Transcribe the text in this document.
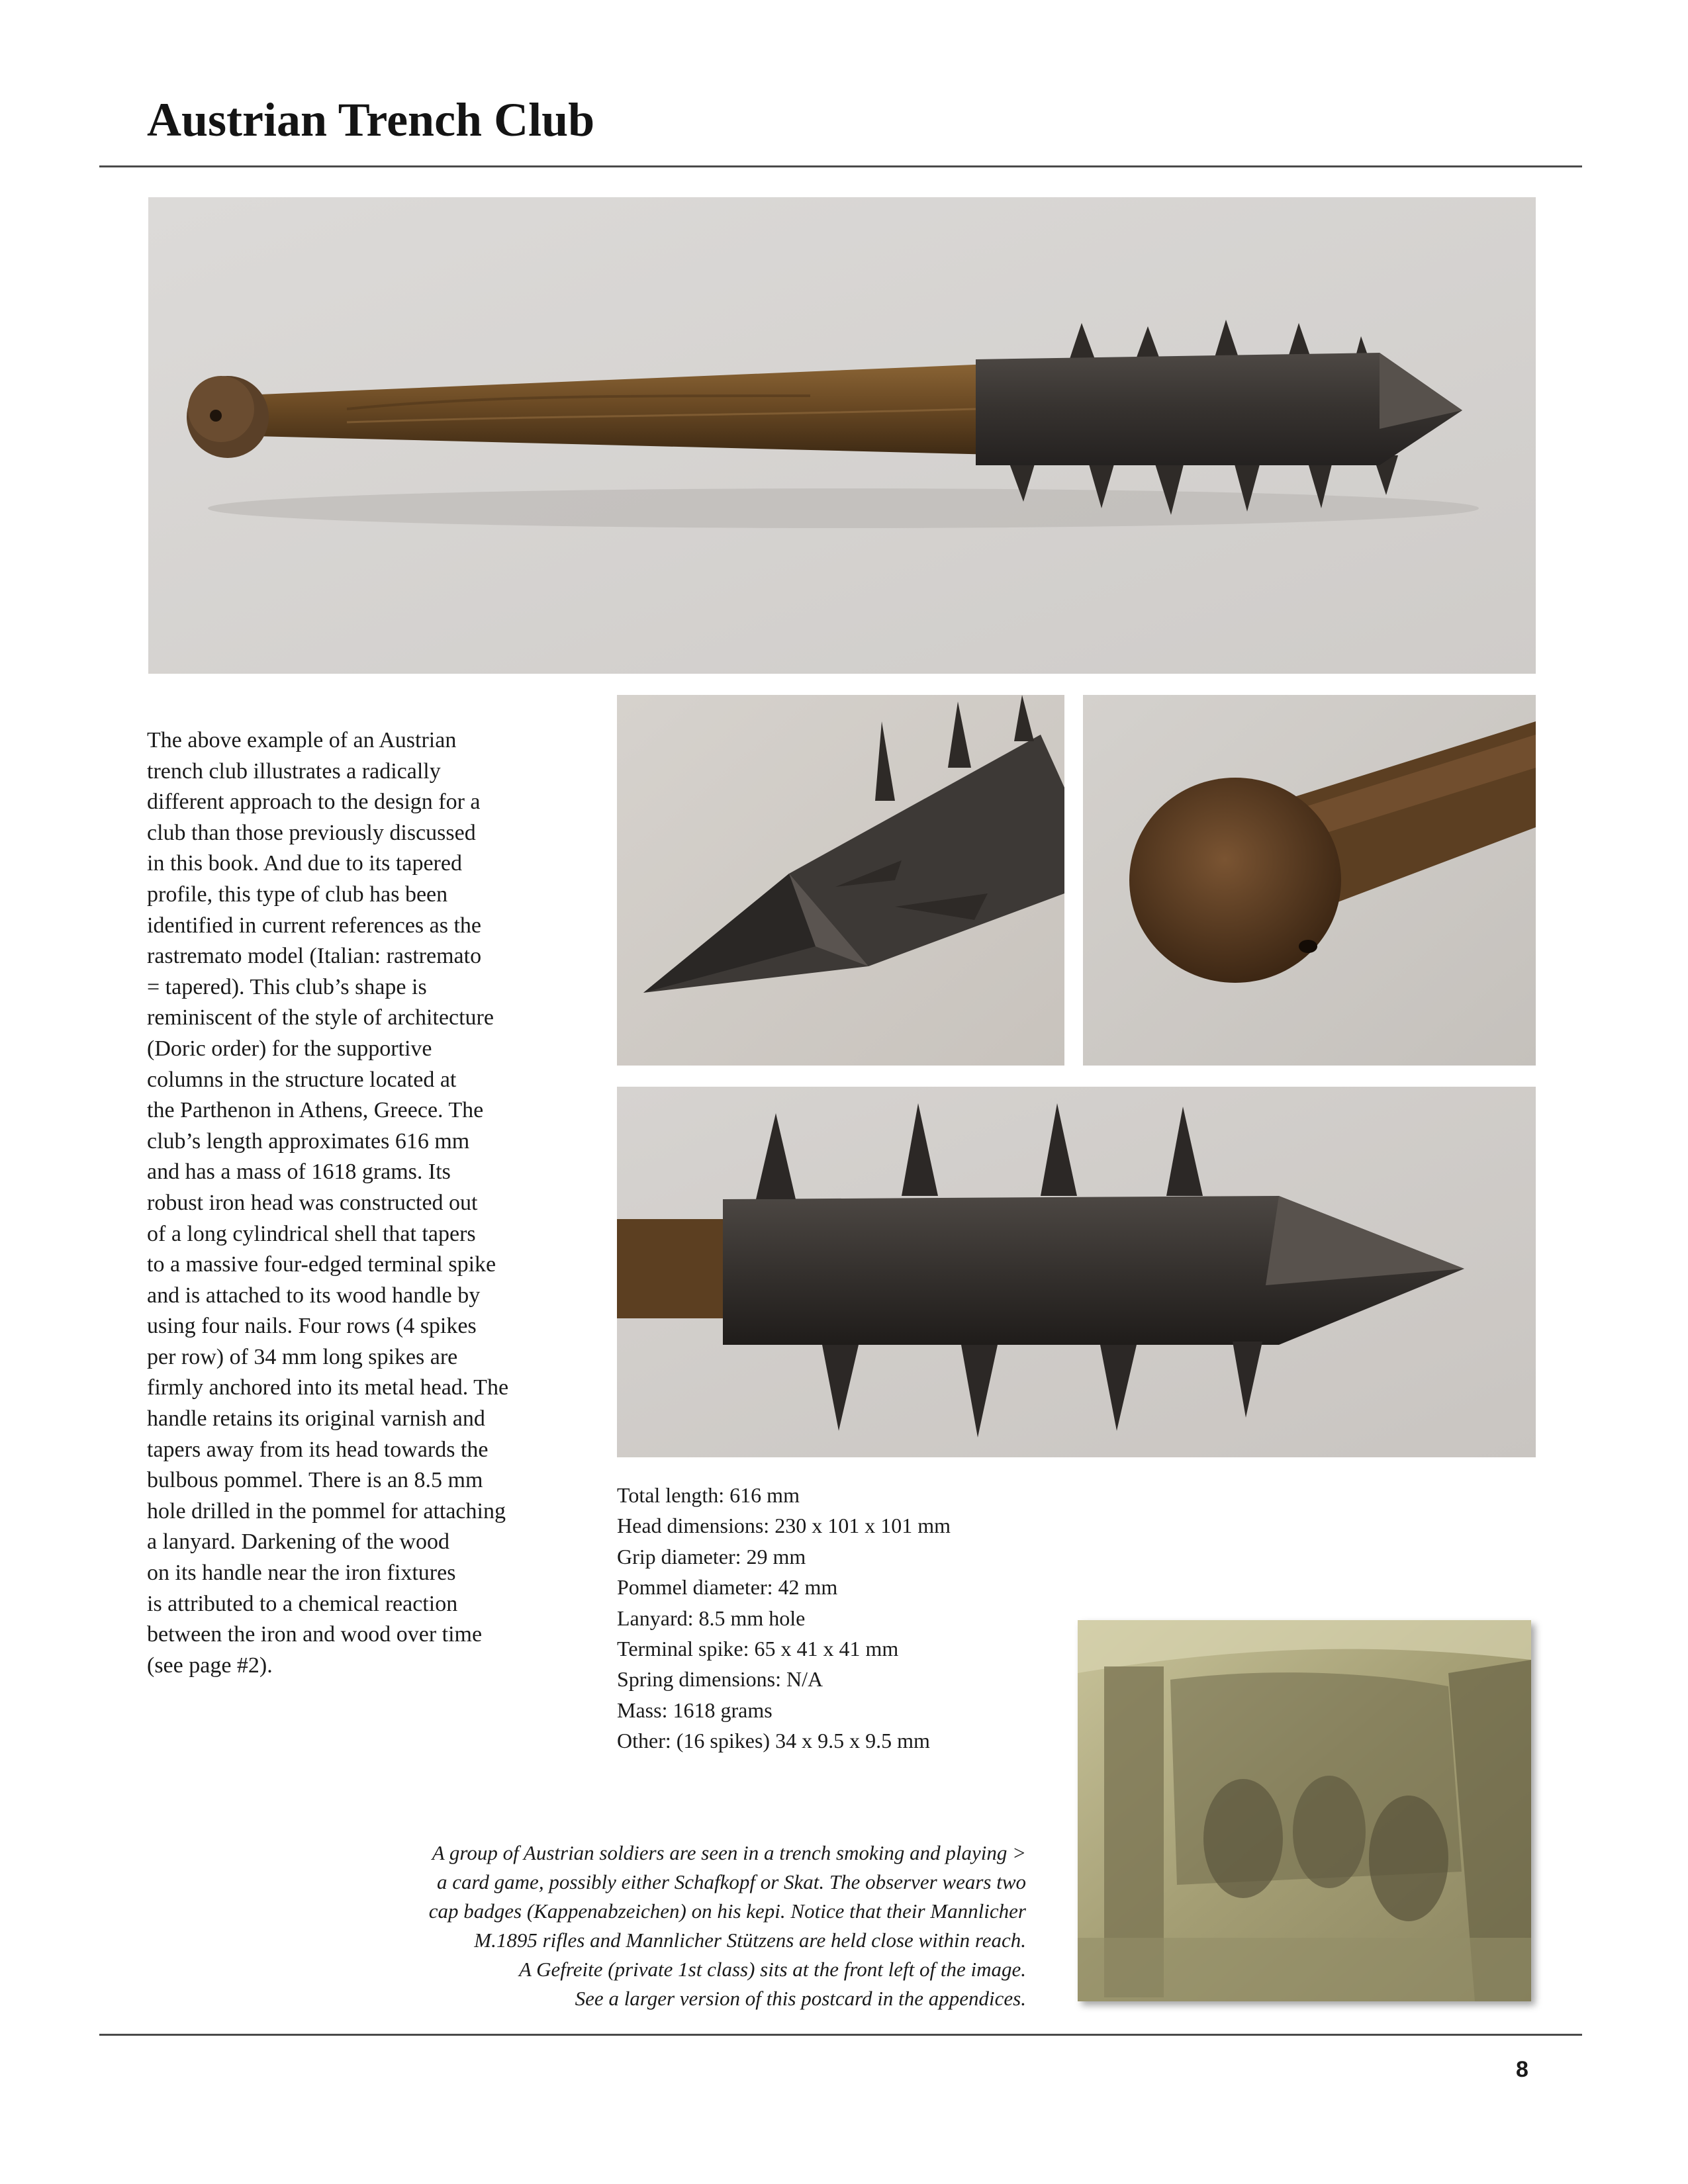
Austrian Trench Club
The above example of an Austrian
trench club illustrates a radically
different approach to the design for a
club than those previously discussed
in this book. And due to its tapered
profile, this type of club has been
identified in current references as the
rastremato model (Italian: rastremato
= tapered). This club’s shape is
reminiscent of the style of architecture
(Doric order) for the supportive
columns in the structure located at
the Parthenon in Athens, Greece. The
club’s length approximates 616 mm
and has a mass of 1618 grams. Its
robust iron head was constructed out
of a long cylindrical shell that tapers
to a massive four-edged terminal spike
and is attached to its wood handle by
using four nails. Four rows (4 spikes
per row) of 34 mm long spikes are
firmly anchored into its metal head. The
handle retains its original varnish and
tapers away from its head towards the
bulbous pommel. There is an 8.5 mm
hole drilled in the pommel for attaching
a lanyard. Darkening of the wood
on its handle near the iron fixtures
is attributed to a chemical reaction
between the iron and wood over time
(see page #2).
Total length: 616 mm
Head dimensions: 230 x 101 x 101 mm
Grip diameter: 29 mm
Pommel diameter: 42 mm
Lanyard: 8.5 mm hole
Terminal spike: 65 x 41 x 41 mm
Spring dimensions: N/A
Mass: 1618 grams
Other: (16 spikes) 34 x 9.5 x 9.5 mm
A group of Austrian soldiers are seen in a trench smoking and playing >
a card game, possibly either Schafkopf or Skat. The observer wears two
cap badges (Kappenabzeichen) on his kepi. Notice that their Mannlicher
M.1895 rifles and Mannlicher Stützens are held close within reach.
A Gefreite (private 1st class) sits at the front left of the image.
See a larger version of this postcard in the appendices.
8
